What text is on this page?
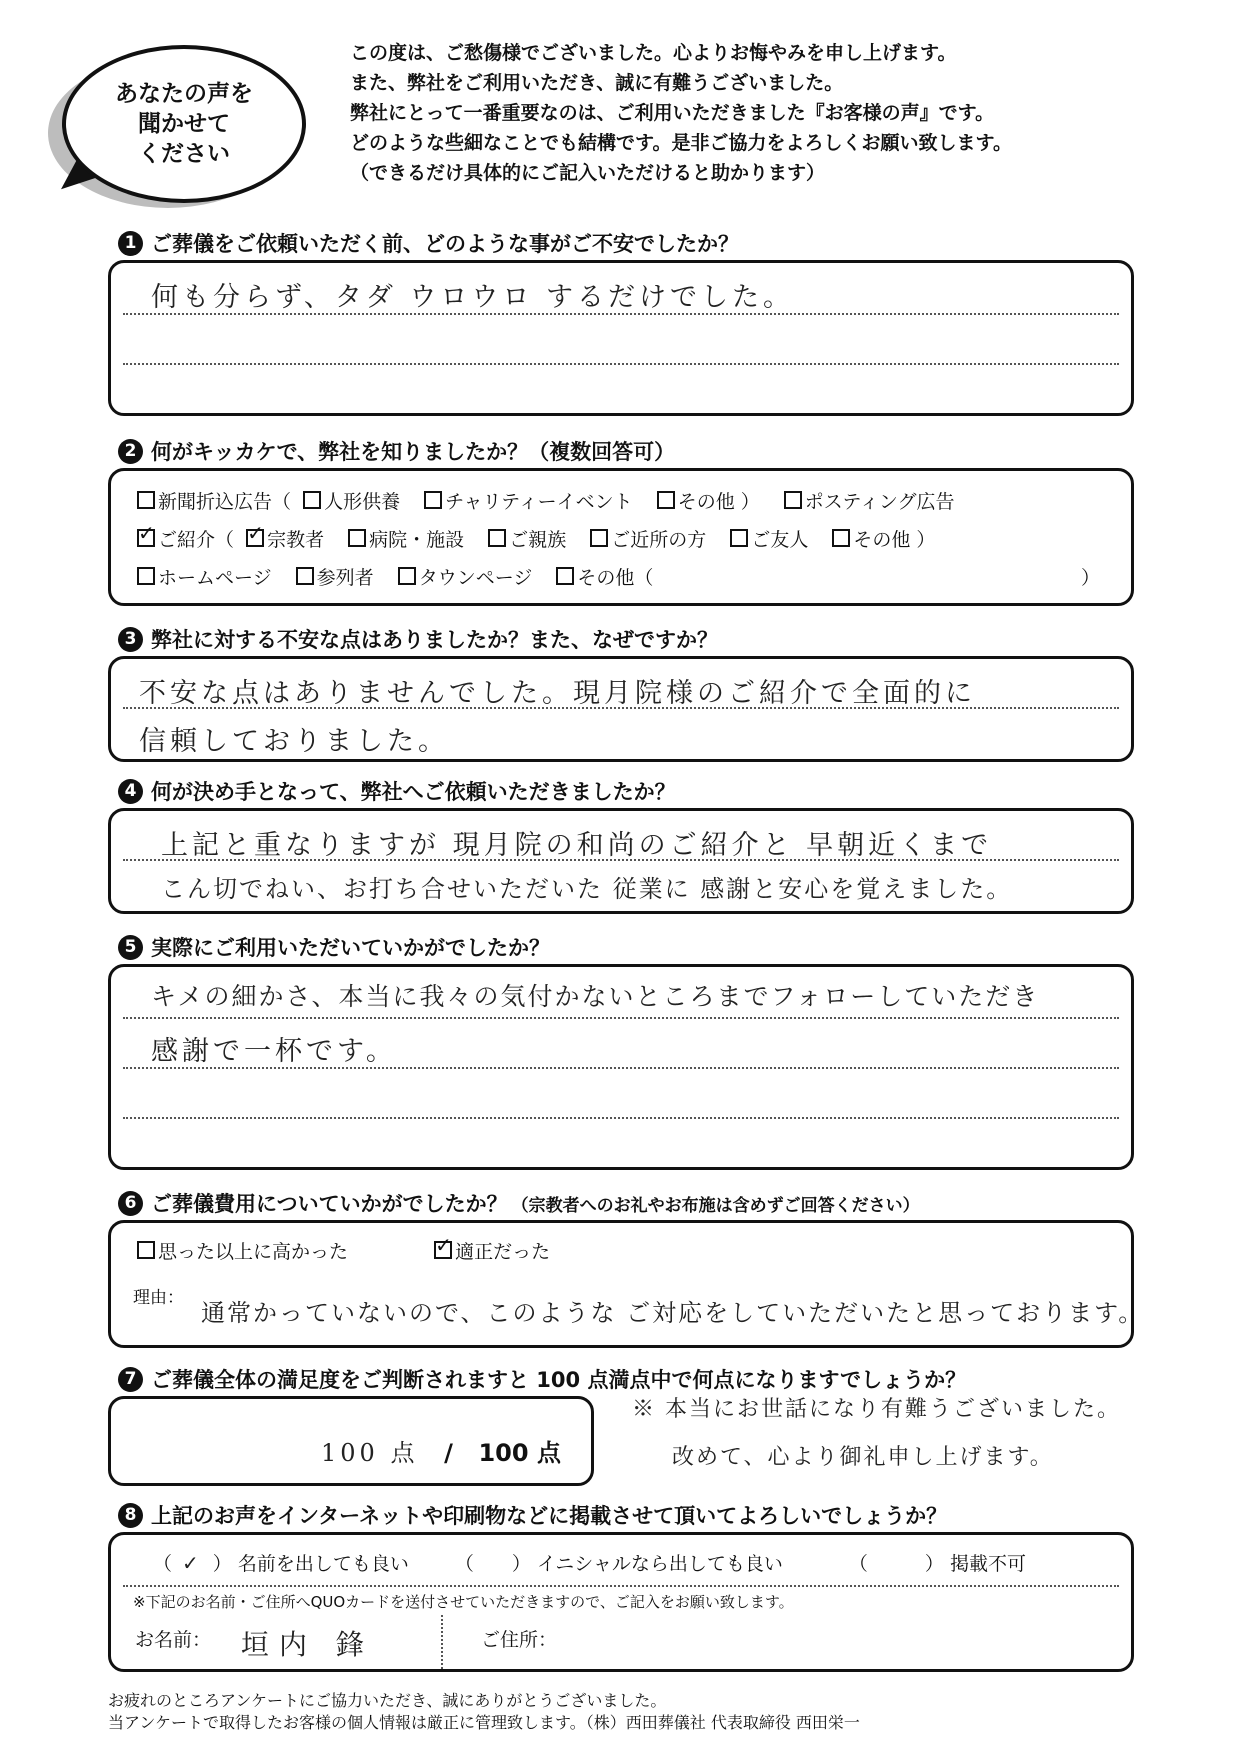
あなたの声を
聞かせて
ください
この度は、ご愁傷様でございました。心よりお悔やみを申し上げます。
また、弊社をご利用いただき、誠に有難うございました。
弊社にとって一番重要なのは、ご利用いただきました『お客様の声』です。
どのような些細なことでも結構です。是非ご協力をよろしくお願い致します。
（できるだけ具体的にご記入いただけると助かります）
1 ご葬儀をご依頼いただく前、どのような事がご不安でしたか？
何も分らず、タダ ウロウロ するだけでした。
2 何がキッカケで、弊社を知りましたか？（複数回答可）
新聞折込広告（ 人形供養 チャリティーイベント その他 ） ポスティング広告
✓ご紹介（ ✓ 宗教者 病院・施設 ご親族 ご近所の方 ご友人 その他 ）
ホームページ 参列者 タウンページ その他（	）
3 弊社に対する不安な点はありましたか？また、なぜですか？
不安な点はありませんでした。現月院様のご紹介で全面的に
信頼しておりました。
4 何が決め手となって、弊社へご依頼いただきましたか？
上記と重なりますが 現月院の和尚のご紹介と 早朝近くまで
こん切でねい、お打ち合せいただいた 従業に 感謝と安心を覚えました。
5 実際にご利用いただいていかがでしたか？
キメの細かさ、本当に我々の気付かないところまでフォローしていただき
感謝で一杯です。
6 ご葬儀費用についていかがでしたか？ （宗教者へのお礼やお布施は含めずご回答ください）
思った以上に高かった ✓	適正だった
理由：
通常かっていないので、このような ご対応をしていただいたと思っております。
7 ご葬儀全体の満足度をご判断されますと 100 点満点中で何点になりますでしょうか？
100 点 / 100 点
※ 本当にお世話になり有難うございました。
改めて、心より御礼申し上げます。
8 上記のお声をインターネットや印刷物などに掲載させて頂いてよろしいでしょうか？
（ ✓ ） 名前を出しても良い （　　） イニシャルなら出しても良い	（　　　） 掲載不可
※下記のお名前・ご住所へQUOカードを送付させていただきますので、ご記入をお願い致します。
お名前： 垣内 鋒	ご住所：
お疲れのところアンケートにご協力いただき、誠にありがとうございました。
当アンケートで取得したお客様の個人情報は厳正に管理致します。（株）西田葬儀社 代表取締役 西田栄一
